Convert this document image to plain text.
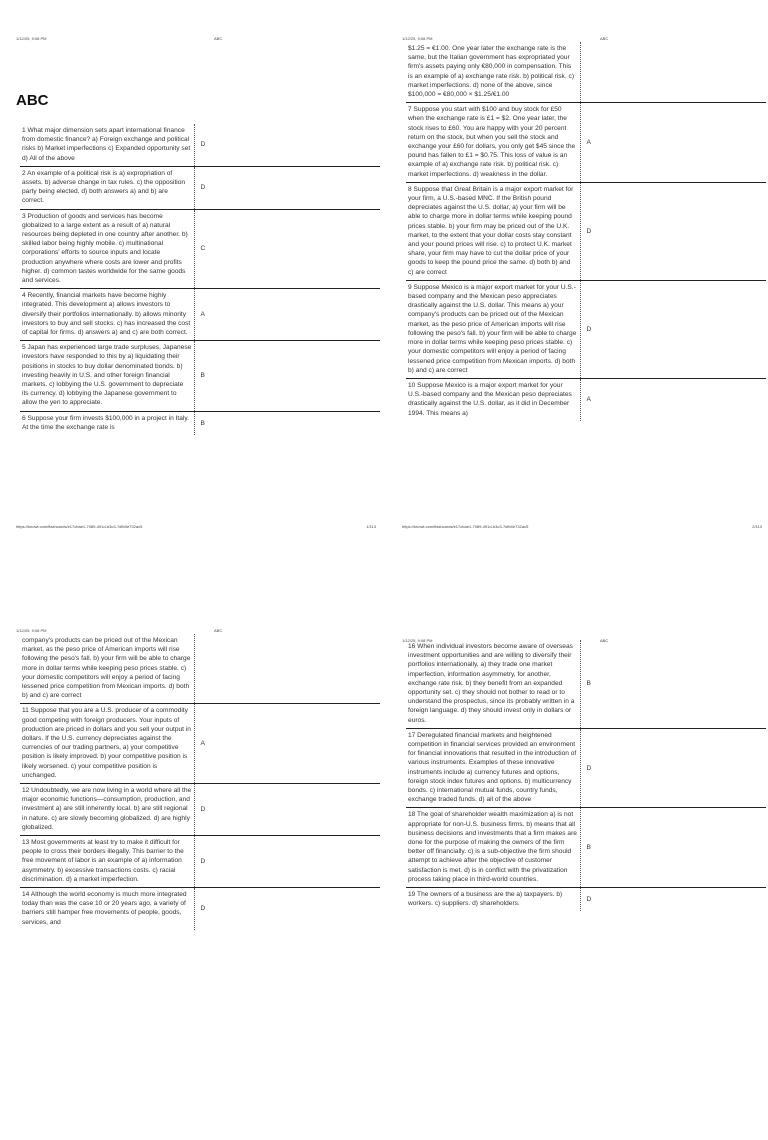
1/12/25, 9:08 PM	ABC
ABC
1 What major dimension sets apart international finance from domestic finance? a) Foreign exchange and political risks b) Market imperfections c) Expanded opportunity set d) All of the above
D
2 An example of a political risk is a) expropriation of assets. b) adverse change in tax rules. c) the opposition party being elected. d) both answers a) and b) are correct.
D
3 Production of goods and services has become globalized to a large extent as a result of a) natural resources being depleted in one country after another. b) skilled labor being highly mobile. c) multinational corporations' efforts to source inputs and locate production anywhere where costs are lower and profits higher. d) common tastes worldwide for the same goods and services.
C
4 Recently, financial markets have become highly integrated. This development a) allows investors to diversify their portfolios internationally. b) allows minority investors to buy and sell stocks. c) has increased the cost of capital for firms. d) answers a) and c) are both correct.
A
5 Japan has experienced large trade surpluses. Japanese investors have responded to this by a) liquidating their positions in stocks to buy dollar denominated bonds. b) investing heavily in U.S. and other foreign financial markets. c) lobbying the U.S. government to depreciate its currency. d) lobbying the Japanese government to allow the yen to appreciate.
B
6 Suppose your firm invests $100,000 in a project in Italy. At the time the exchange rate is
B
https://knowt.com/flashcards/e17cbae1-7089-491d-b3c3-7dfb0e732ac5	1/113
1/12/25, 9:08 PM	ABC
$1.25 = €1.00. One year later the exchange rate is the same, but the Italian government has expropriated your firm's assets paying only €80,000 in compensation. This is an example of a) exchange rate risk. b) political risk. c) market imperfections. d) none of the above, since $100,000 = €80,000 × $1.25/€1.00
7 Suppose you start with $100 and buy stock for £50 when the exchange rate is £1 = $2. One year later, the stock rises to £60. You are happy with your 20 percent return on the stock, but when you sell the stock and exchange your £60 for dollars, you only get $45 since the pound has fallen to £1 = $0.75. This loss of value is an example of a) exchange rate risk. b) political risk. c) market imperfections. d) weakness in the dollar.
A
8 Suppose that Great Britain is a major export market for your firm, a U.S.-based MNC. If the British pound depreciates against the U.S. dollar, a) your firm will be able to charge more in dollar terms while keeping pound prices stable. b) your firm may be priced out of the U.K. market, to the extent that your dollar costs stay constant and your pound prices will rise. c) to protect U.K. market share, your firm may have to cut the dollar price of your goods to keep the pound price the same. d) both b) and c) are correct
D
9 Suppose Mexico is a major export market for your U.S.-based company and the Mexican peso appreciates drastically against the U.S. dollar. This means a) your company's products can be priced out of the Mexican market, as the peso price of American imports will rise following the peso's fall. b) your firm will be able to charge more in dollar terms while keeping peso prices stable. c) your domestic competitors will enjoy a period of facing lessened price competition from Mexican imports. d) both b) and c) are correct
D
10 Suppose Mexico is a major export market for your U.S.-based company and the Mexican peso depreciates drastically against the U.S. dollar, as it did in December 1994. This means a)
A
https://knowt.com/flashcards/e17cbae1-7089-491d-b3c3-7dfb0e732ac5	2/113
1/12/25, 9:08 PM	ABC
company's products can be priced out of the Mexican market, as the peso price of American imports will rise following the peso's fall. b) your firm will be able to charge more in dollar terms while keeping peso prices stable. c) your domestic competitors will enjoy a period of facing lessened price competition from Mexican imports. d) both b) and c) are correct
11 Suppose that you are a U.S. producer of a commodity good competing with foreign producers. Your inputs of production are priced in dollars and you sell your output in dollars. If the U.S. currency depreciates against the currencies of our trading partners, a) your competitive position is likely improved. b) your competitive position is likely worsened. c) your competitive position is unchanged.
A
12 Undoubtedly, we are now living in a world where all the major economic functions—consumption, production, and investment a) are still inherently local. b) are still regional in nature. c) are slowly becoming globalized. d) are highly globalized.
D
13 Most governments at least try to make it difficult for people to cross their borders illegally. This barrier to the free movement of labor is an example of a) information asymmetry. b) excessive transactions costs. c) racial discrimination. d) a market imperfection.
D
14 Although the world economy is much more integrated today than was the case 10 or 20 years ago, a variety of barriers still hamper free movements of people, goods, services, and
D
1/12/25, 9:08 PM	ABC
16 When individual investors become aware of overseas investment opportunities and are willing to diversify their portfolios internationally, a) they trade one market imperfection, information asymmetry, for another, exchange rate risk. b) they benefit from an expanded opportunity set. c) they should not bother to read or to understand the prospectus, since its probably written in a foreign language. d) they should invest only in dollars or euros.
B
17 Deregulated financial markets and heightened competition in financial services provided an environment for financial innovations that resulted in the introduction of various instruments. Examples of these innovative instruments include a) currency futures and options, foreign stock index futures and options. b) multicurrency bonds. c) international mutual funds, country funds, exchange traded funds. d) all of the above
D
18 The goal of shareholder wealth maximization a) is not appropriate for non-U.S. business firms. b) means that all business decisions and investments that a firm makes are done for the purpose of making the owners of the firm better off financially. c) is a sub-objective the firm should attempt to achieve after the objective of customer satisfaction is met. d) is in conflict with the privatization process taking place in third-world countries.
B
19 The owners of a business are the a) taxpayers. b) workers. c) suppliers. d) shareholders.
D
